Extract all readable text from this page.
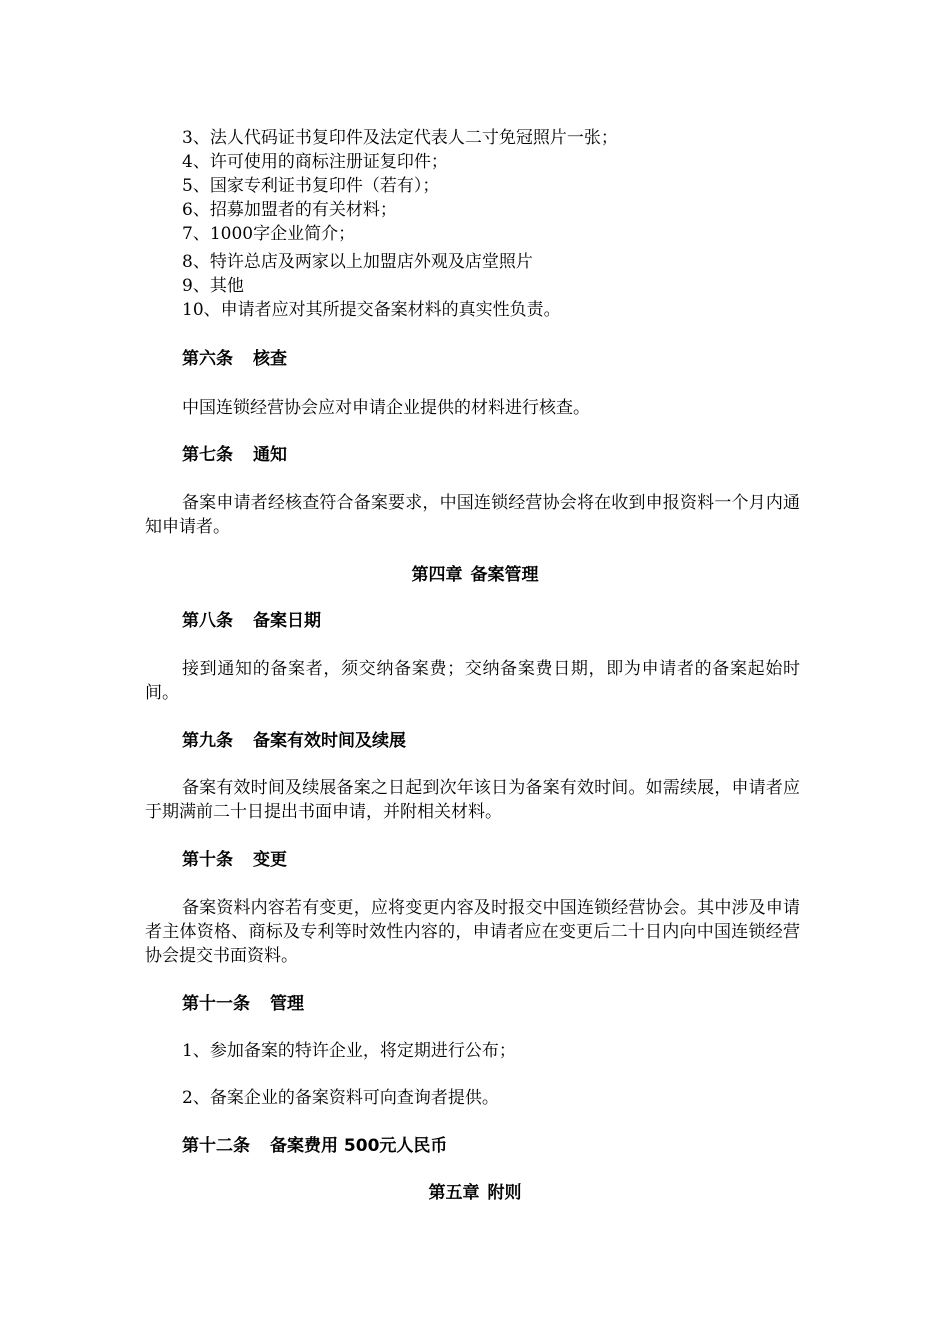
3、法人代码证书复印件及法定代表人二寸免冠照片一张；
4、许可使用的商标注册证复印件；
5、国家专利证书复印件（若有）；
6、招募加盟者的有关材料；
7、1000字企业简介；
8、特许总店及两家以上加盟店外观及店堂照片
9、其他
10、申请者应对其所提交备案材料的真实性负责。
第六条 核查
中国连锁经营协会应对申请企业提供的材料进行核查。
第七条 通知
备案申请者经核查符合备案要求，中国连锁经营协会将在收到申报资料一个月内通知申请者。
第四章 备案管理
第八条 备案日期
接到通知的备案者，须交纳备案费；交纳备案费日期，即为申请者的备案起始时间。
第九条 备案有效时间及续展
备案有效时间及续展备案之日起到次年该日为备案有效时间。如需续展，申请者应于期满前二十日提出书面申请，并附相关材料。
第十条 变更
备案资料内容若有变更，应将变更内容及时报交中国连锁经营协会。其中涉及申请者主体资格、商标及专利等时效性内容的，申请者应在变更后二十日内向中国连锁经营协会提交书面资料。
第十一条 管理
1、参加备案的特许企业，将定期进行公布；
2、备案企业的备案资料可向查询者提供。
第十二条 备案费用 500元人民币
第五章 附则
